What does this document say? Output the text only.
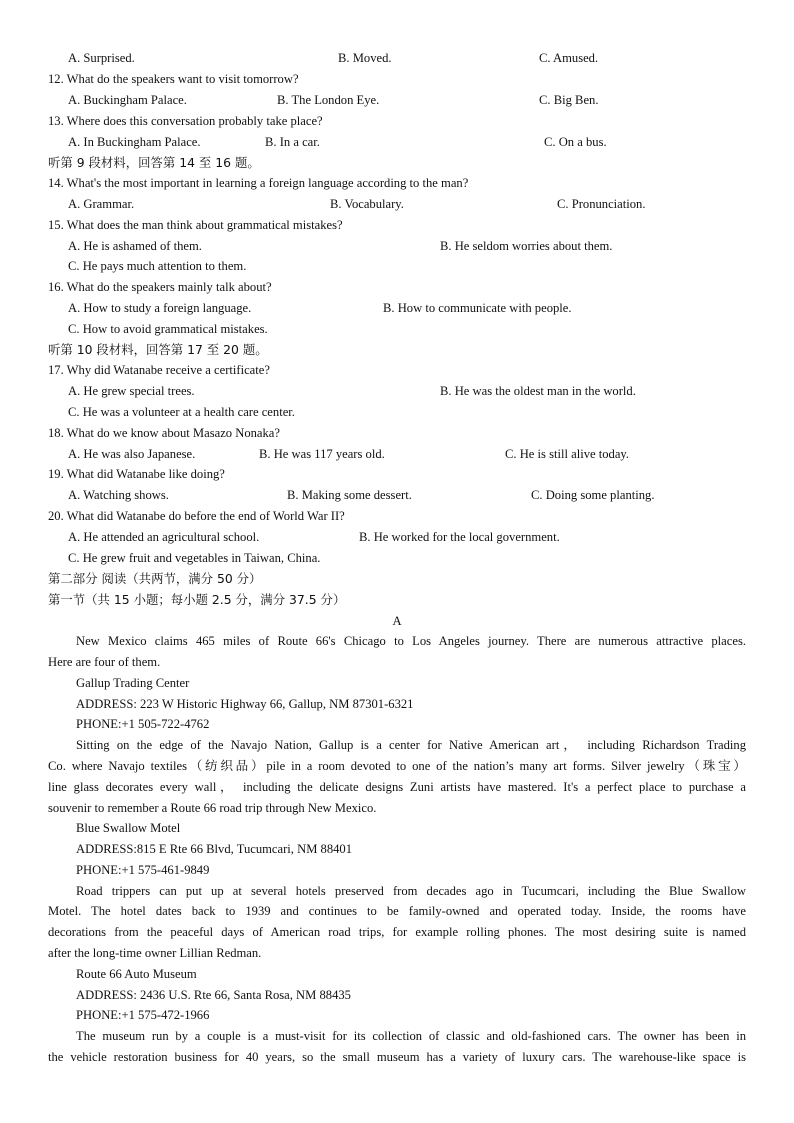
A. Surprised.	B. Moved.	C. Amused.
12. What do the speakers want to visit tomorrow?
A. Buckingham Palace.	B. The London Eye.	C. Big Ben.
13. Where does this conversation probably take place?
A. In Buckingham Palace.	B. In a car.	C. On a bus.
听第 9 段材料，回答第 14 至 16 题。
14. What's the most important in learning a foreign language according to the man?
A. Grammar.	B. Vocabulary.	C. Pronunciation.
15. What does the man think about grammatical mistakes?
A. He is ashamed of them.	B. He seldom worries about them.
C. He pays much attention to them.
16. What do the speakers mainly talk about?
A. How to study a foreign language.	B. How to communicate with people.
C. How to avoid grammatical mistakes.
听第 10 段材料，回答第 17 至 20 题。
17. Why did Watanabe receive a certificate?
A. He grew special trees.	B. He was the oldest man in the world.
C. He was a volunteer at a health care center.
18. What do we know about Masazo Nonaka?
A. He was also Japanese.	B. He was 117 years old.	C. He is still alive today.
19. What did Watanabe like doing?
A. Watching shows.	B. Making some dessert.	C. Doing some planting.
20. What did Watanabe do before the end of World War II?
A. He attended an agricultural school.	B. He worked for the local government.
C. He grew fruit and vegetables in Taiwan, China.
第二部分 阅读（共两节，满分 50 分）
第一节（共 15 小题；每小题 2.5 分，满分 37.5 分）
A
New Mexico claims 465 miles of Route 66's Chicago to Los Angeles journey. There are numerous attractive places.
Here are four of them.
Gallup Trading Center
ADDRESS: 223 W Historic Highway 66, Gallup, NM 87301-6321
PHONE:+1 505-722-4762
Sitting on the edge of the Navajo Nation, Gallup is a center for Native American art， including Richardson Trading
Co. where Navajo textiles（纺织品）pile in a room devoted to one of the nation’s many art forms. Silver jewelry（珠宝）
line glass decorates every wall， including the delicate designs Zuni artists have mastered. It's a perfect place to purchase a
souvenir to remember a Route 66 road trip through New Mexico.
Blue Swallow Motel
ADDRESS:815 E Rte 66 Blvd, Tucumcari, NM 88401
PHONE:+1 575-461-9849
Road trippers can put up at several hotels preserved from decades ago in Tucumcari, including the Blue Swallow
Motel. The hotel dates back to 1939 and continues to be family-owned and operated today. Inside, the rooms have
decorations from the peaceful days of American road trips, for example rolling phones. The most desiring suite is named
after the long-time owner Lillian Redman.
Route 66 Auto Museum
ADDRESS: 2436 U.S. Rte 66, Santa Rosa, NM 88435
PHONE:+1 575-472-1966
The museum run by a couple is a must-visit for its collection of classic and old-fashioned cars. The owner has been in
the vehicle restoration business for 40 years, so the small museum has a variety of luxury cars. The warehouse-like space is
